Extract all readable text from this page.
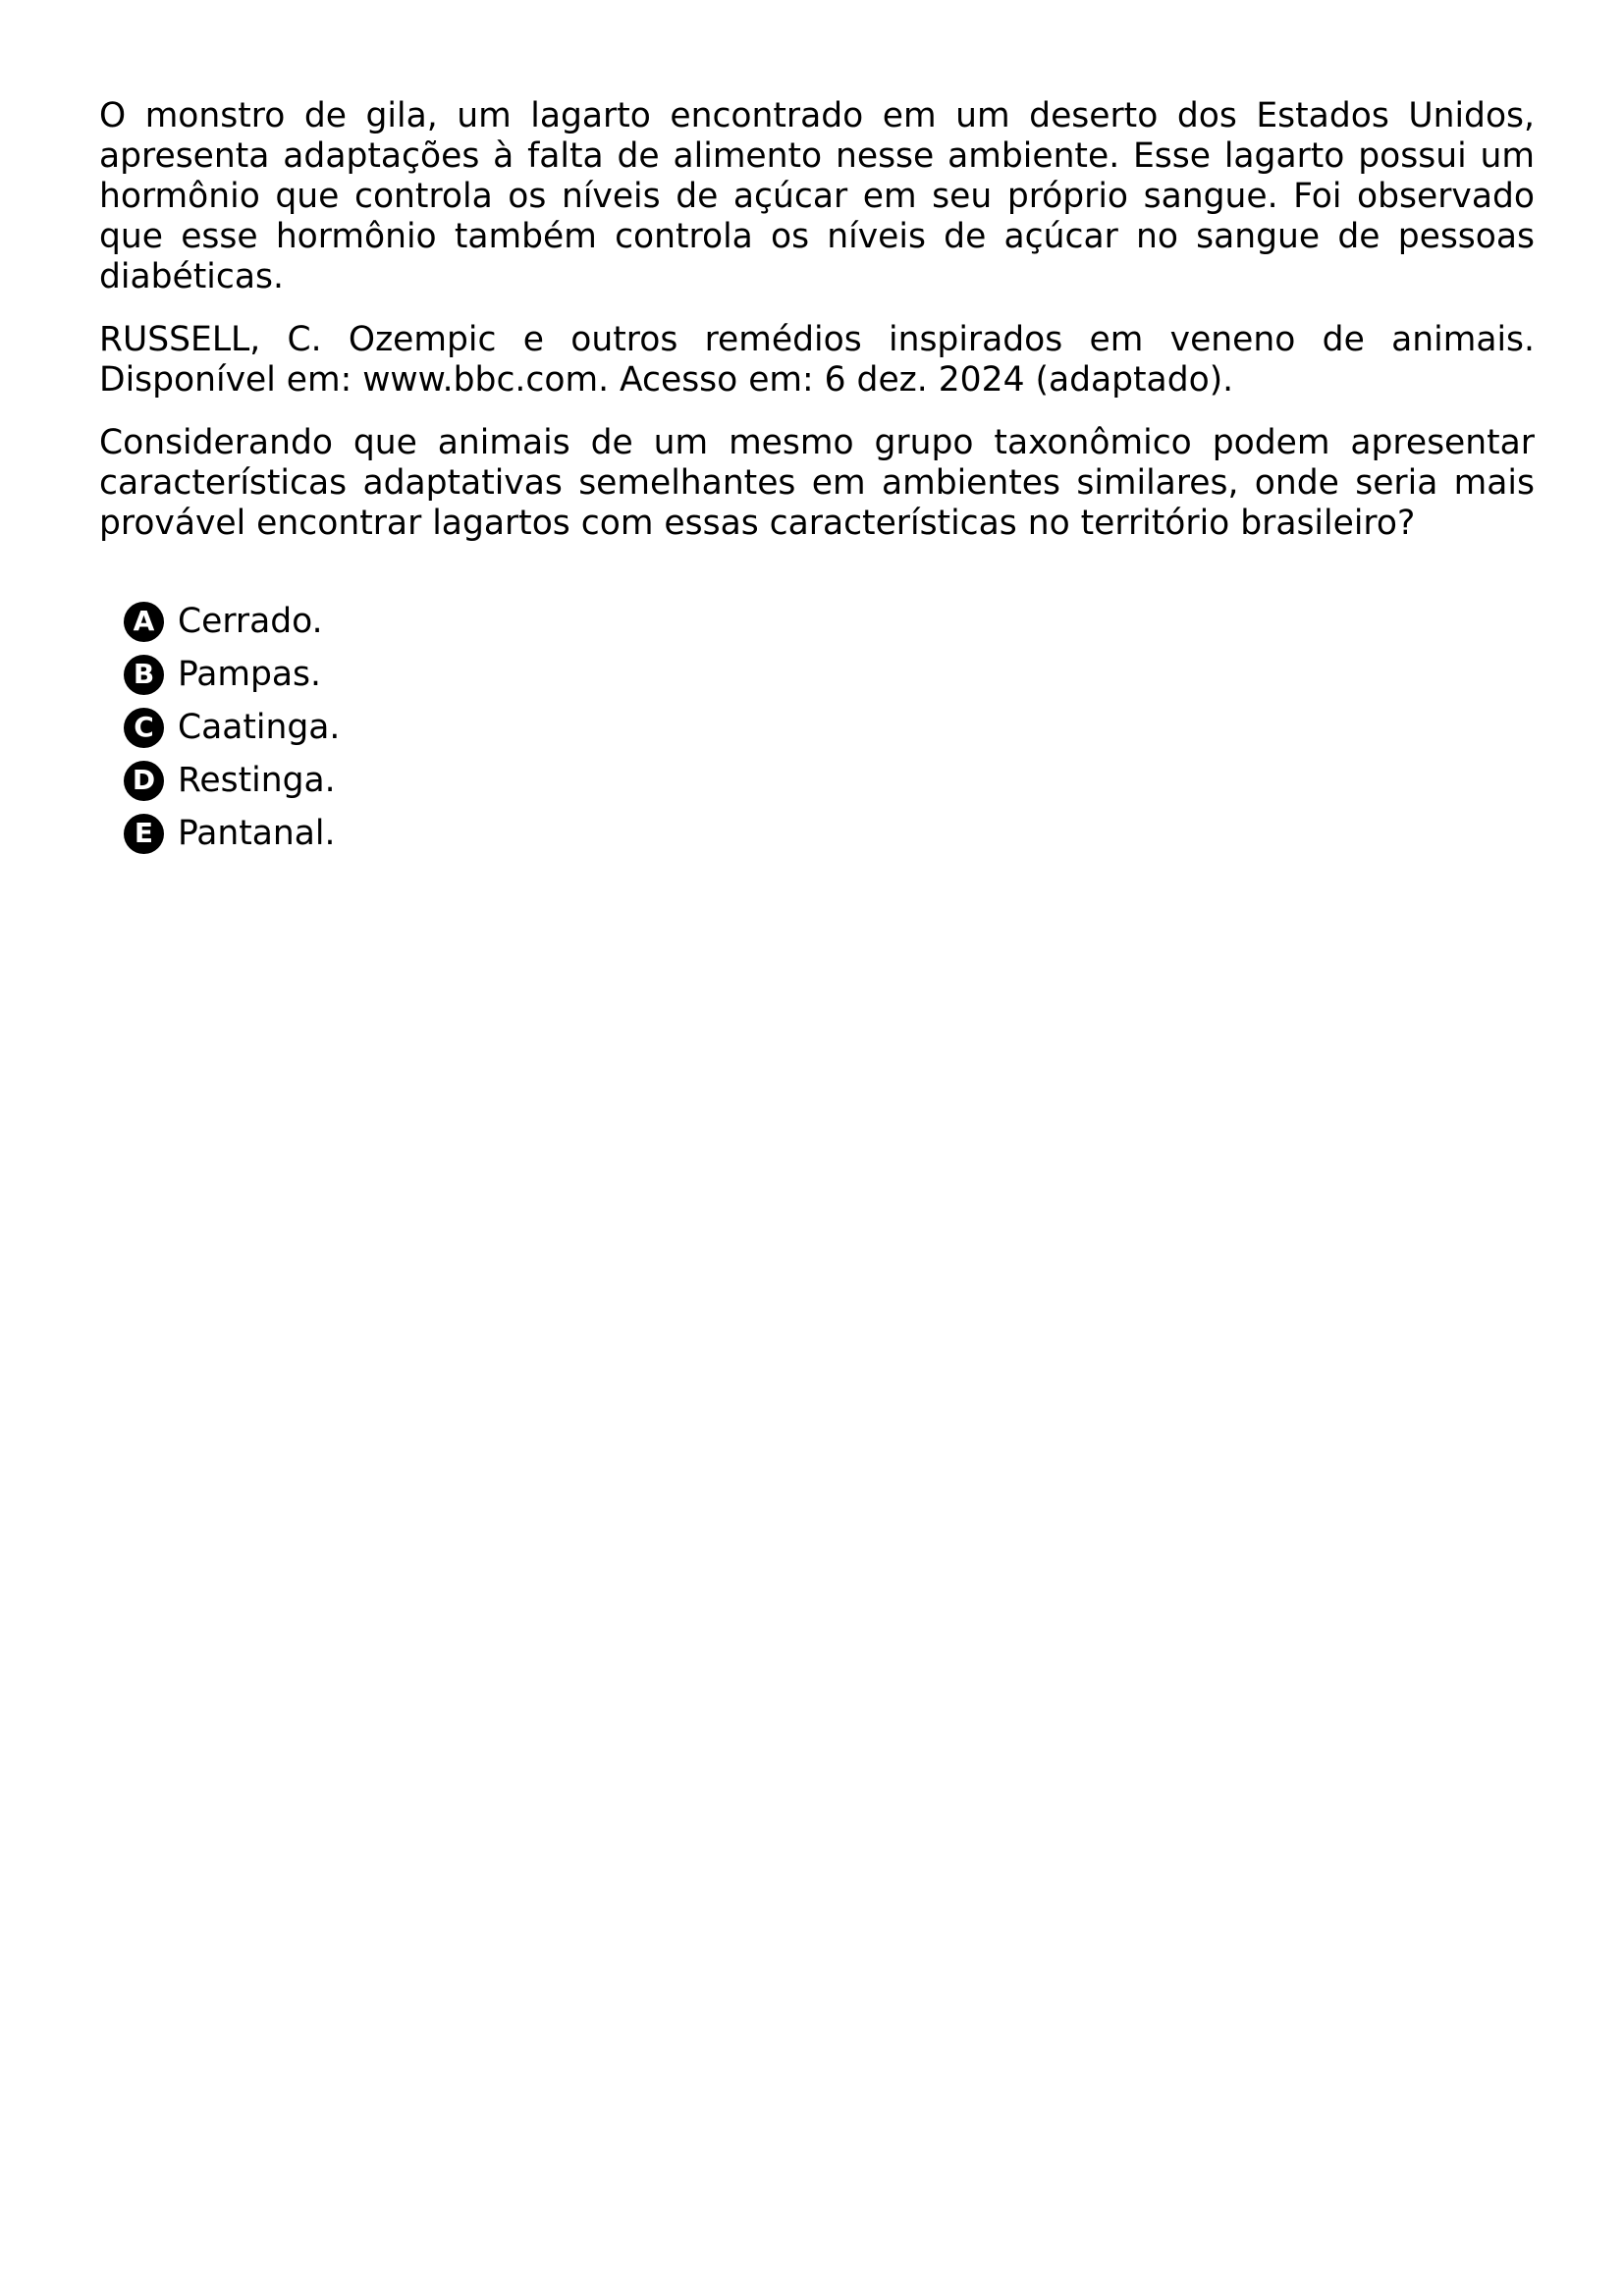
O monstro de gila, um lagarto encontrado em um deserto dos Estados Unidos, apresenta adaptações à falta de alimento nesse ambiente. Esse lagarto possui um hormônio que controla os níveis de açúcar em seu próprio sangue. Foi observado que esse hormônio também controla os níveis de açúcar no sangue de pessoas diabéticas.

RUSSELL, C. Ozempic e outros remédios inspirados em veneno de animais. Disponível em: www.bbc.com. Acesso em: 6 dez. 2024 (adaptado).

Considerando que animais de um mesmo grupo taxonômico podem apresentar características adaptativas semelhantes em ambientes similares, onde seria mais provável encontrar lagartos com essas características no território brasileiro?

A Cerrado.
B Pampas.
C Caatinga.
D Restinga.
E Pantanal.
